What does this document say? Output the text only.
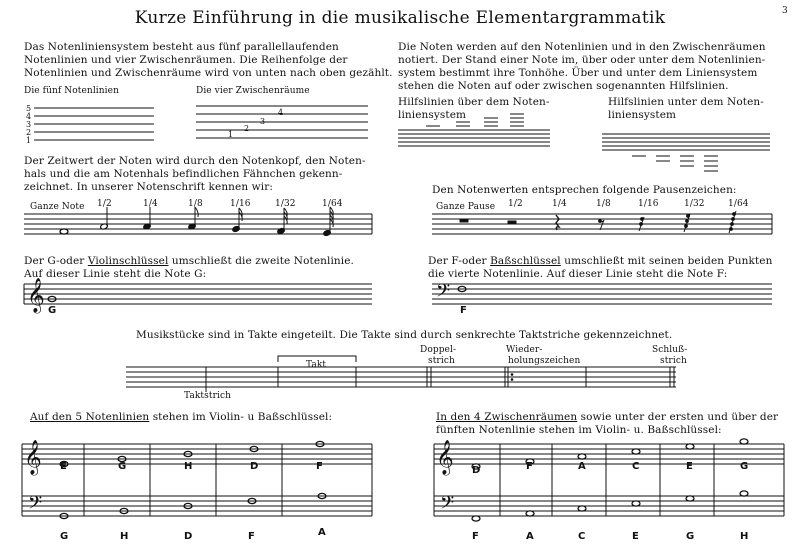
Kurze Einführung in die musikalische Elementargrammatik	3
Das Notenliniensystem besteht aus fünf parallellaufenden
Notenlinien und vier Zwischenräumen. Die Reihenfolge der
Notenlinien und Zwischenräume wird von unten nach oben gezählt.
Die fünf Notenlinien	Die vier Zwischenräume
5
4
3
2
1
1
2
3
4
Die Noten werden auf den Notenlinien und in den Zwischenräumen
notiert. Der Stand einer Note im, über oder unter dem Notenlinien-
system bestimmt ihre Tonhöhe. Über und unter dem Liniensystem
stehen die Noten auf oder zwischen sogenannten Hilfslinien.
Hilfslinien über dem Noten-
liniensystem
Hilfslinien unter dem Noten-
liniensystem
Der Zeitwert der Noten wird durch den Notenkopf, den Noten-
hals und die am Notenhals befindlichen Fähnchen gekenn-
zeichnet. In unserer Notenschrift kennen wir:
Ganze Note 1/2	1/4	1/8	1/16	1/32	1/64
Den Notenwerten entsprechen folgende Pausenzeichen:
Ganze Pause 1/2	1/4	1/8	1/16	1/32	1/64
Der G-oder Violinschlüssel umschließt die zweite Notenlinie.
Auf dieser Linie steht die Note G:
G
Der F-oder Baßschlüssel umschließt mit seinen beiden Punkten
die vierte Notenlinie. Auf dieser Linie steht die Note F:
F
Musikstücke sind in Takte eingeteilt. Die Takte sind durch senkrechte Taktstriche gekennzeichnet.
Takt
Taktstrich
Doppel-
strich
Wieder-
holungszeichen
Schluß-
strich
Auf den 5 Notenlinien stehen im Violin- u Baßschlüssel:
E	G	H	D	F
G	H	D	F	A
In den 4 Zwischenräumen sowie unter der ersten und über der
fünften Notenlinie stehen im Violin- u. Baßschlüssel:
D	F	A	C	E	G
F	A	C	E	G	H
𝄞	𝄢
𝄞
𝄢
𝄞
𝄢
